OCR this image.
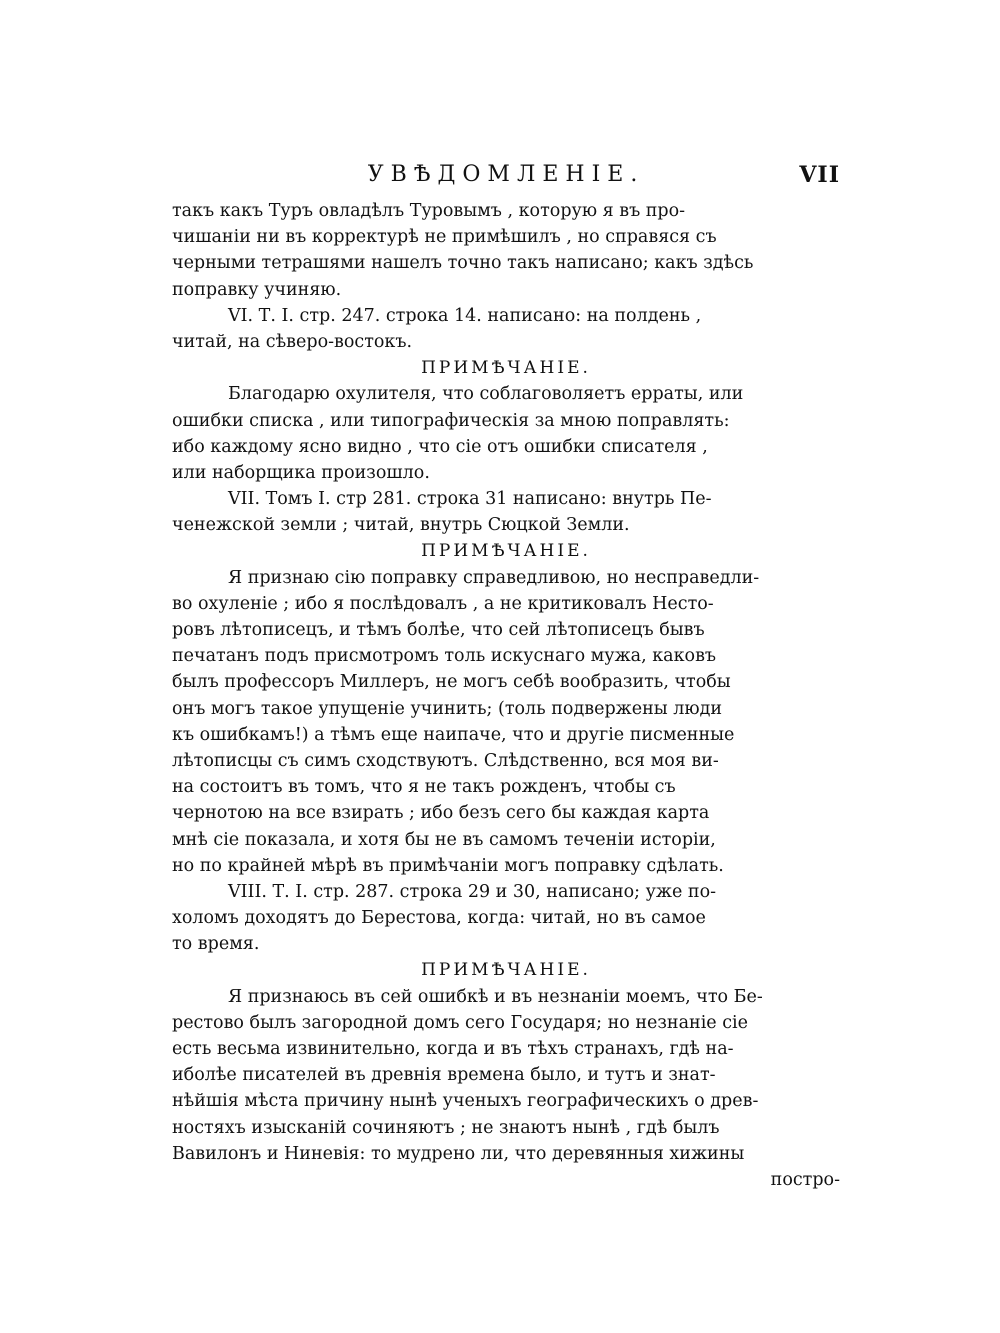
УВѢДОМЛЕНІЕ.	VII
такъ какъ Туръ овладѣлъ Туровымъ , которую я въ про-
чишаніи ни въ корректурѣ не примѣшилъ , но справяся съ
черными тетрашями нашелъ точно такъ написано; какъ здѣсь
поправку учиняю.
VI. Т. I. стр. 247. строка 14. написано: на полдень ,
читай, на сѣверо-востокъ.
ПРИМѢЧАНІЕ.
Благодарю охулителя, что соблаговоляетъ ерраты, или
ошибки списка , или типографическія за мною поправлять:
ибо каждому ясно видно , что сіе отъ ошибки списателя ,
или наборщика произошло.
VII. Томъ I. стр 281. строка 31 написано: внутрь Пе-
ченежской земли ; читай, внутрь Сюцкой Земли.
ПРИМѢЧАНІЕ.
Я признаю сію поправку справедливою, но несправедли-
во охуленіе ; ибо я послѣдовалъ , а не критиковалъ Несто-
ровъ лѣтописецъ, и тѣмъ болѣе, что сей лѣтописецъ бывъ
печатанъ подъ присмотромъ толь искуснаго мужа, каковъ
былъ профессоръ Миллеръ, не могъ себѣ вообразить, чтобы
онъ могъ такое упущеніе учинить; (толь подвержены люди
къ ошибкамъ!) а тѣмъ еще наипаче, что и другіе писменные
лѣтописцы съ симъ сходствуютъ. Слѣдственно, вся моя ви-
на состоитъ въ томъ, что я не такъ рожденъ, чтобы съ
чернотою на все взирать ; ибо безъ сего бы каждая карта
мнѣ сіе показала, и хотя бы не въ самомъ теченіи исторіи,
но по крайней мѣрѣ въ примѣчаніи могъ поправку сдѣлать.
VIII. Т. I. стр. 287. строка 29 и 30, написано; уже по-
холомъ доходятъ до Берестова, когда: читай, но въ самое
то время.
ПРИМѢЧАНІЕ.
Я признаюсь въ сей ошибкѣ и въ незнаніи моемъ, что Бе-
рестово былъ загородной домъ сего Государя; но незнаніе сіе
есть весьма извинительно, когда и въ тѣхъ странахъ, гдѣ на-
иболѣе писателей въ древнія времена было, и тутъ и знат-
нѣйшія мѣста причину нынѣ ученыхъ географическихъ о древ-
ностяхъ изысканій сочиняютъ ; не знаютъ нынѣ , гдѣ былъ
Вавилонъ и Ниневія: то мудрено ли, что деревянныя хижины
постро-
